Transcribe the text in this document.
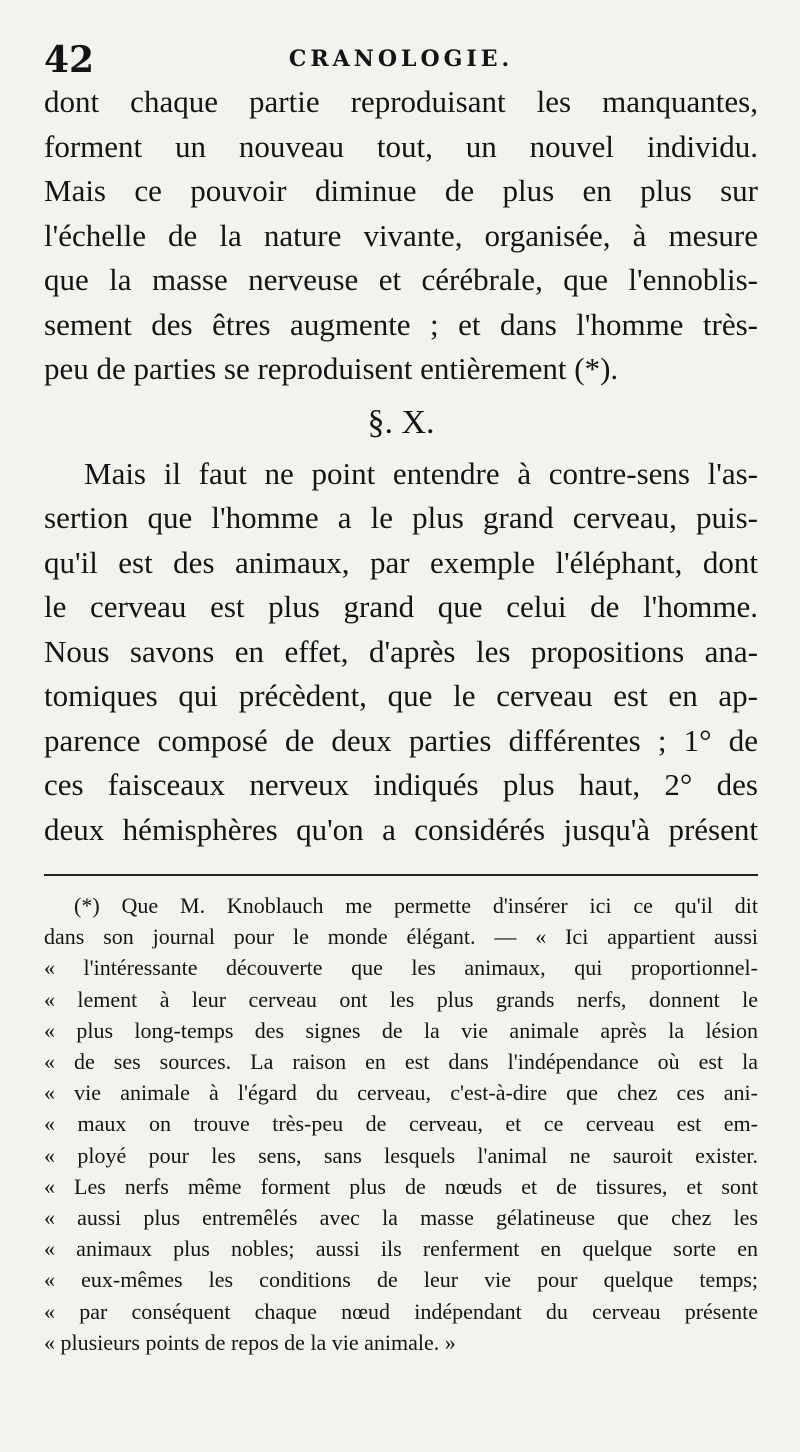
42	CRANOLOGIE.
dont chaque partie reproduisant les manquantes,
forment un nouveau tout, un nouvel individu.
Mais ce pouvoir diminue de plus en plus sur
l'échelle de la nature vivante, organisée, à mesure
que la masse nerveuse et cérébrale, que l'ennoblis-
sement des êtres augmente ; et dans l'homme très-
peu de parties se reproduisent entièrement (*).
§. X.
Mais il faut ne point entendre à contre-sens l'as-
sertion que l'homme a le plus grand cerveau, puis-
qu'il est des animaux, par exemple l'éléphant, dont
le cerveau est plus grand que celui de l'homme.
Nous savons en effet, d'après les propositions ana-
tomiques qui précèdent, que le cerveau est en ap-
parence composé de deux parties différentes ; 1° de
ces faisceaux nerveux indiqués plus haut, 2° des
deux hémisphères qu'on a considérés jusqu'à présent
(*) Que M. Knoblauch me permette d'insérer ici ce qu'il dit
dans son journal pour le monde élégant. — « Ici appartient aussi
« l'intéressante découverte que les animaux, qui proportionnel-
« lement à leur cerveau ont les plus grands nerfs, donnent le
« plus long-temps des signes de la vie animale après la lésion
« de ses sources. La raison en est dans l'indépendance où est la
« vie animale à l'égard du cerveau, c'est-à-dire que chez ces ani-
« maux on trouve très-peu de cerveau, et ce cerveau est em-
« ployé pour les sens, sans lesquels l'animal ne sauroit exister.
« Les nerfs même forment plus de nœuds et de tissures, et sont
« aussi plus entremêlés avec la masse gélatineuse que chez les
« animaux plus nobles; aussi ils renferment en quelque sorte en
« eux-mêmes les conditions de leur vie pour quelque temps;
« par conséquent chaque nœud indépendant du cerveau présente
« plusieurs points de repos de la vie animale. »
